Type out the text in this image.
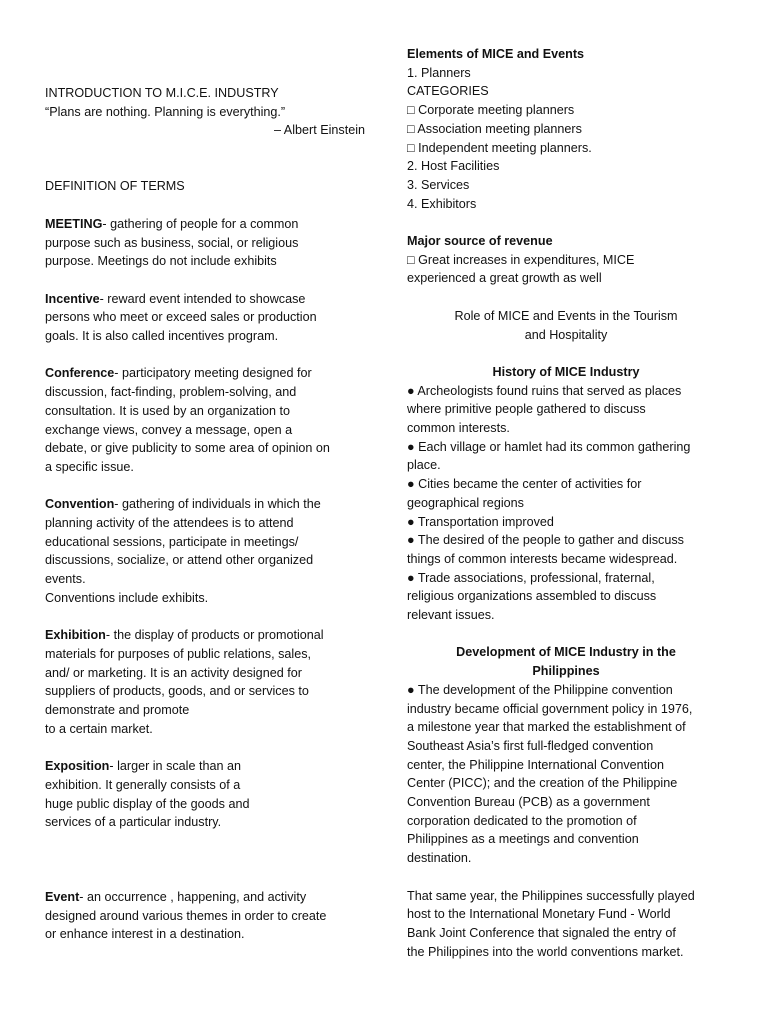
INTRODUCTION TO M.I.C.E. INDUSTRY
“Plans are nothing. Planning is everything.”
– Albert Einstein
DEFINITION OF TERMS
MEETING- gathering of people for a common
purpose such as business, social, or religious
purpose. Meetings do not include exhibits
Incentive- reward event intended to showcase
persons who meet or exceed sales or production
goals. It is also called incentives program.
Conference- participatory meeting designed for
discussion, fact-finding, problem-solving, and
consultation. It is used by an organization to
exchange views, convey a message, open a
debate, or give publicity to some area of opinion on
a specific issue.
Convention- gathering of individuals in which the
planning activity of the attendees is to attend
educational sessions, participate in meetings/
discussions, socialize, or attend other organized
events.
Conventions include exhibits.
Exhibition- the display of products or promotional
materials for purposes of public relations, sales,
and/ or marketing. It is an activity designed for
suppliers of products, goods, and or services to
demonstrate and promote
to a certain market.
Exposition- larger in scale than an
exhibition. It generally consists of a
huge public display of the goods and
services of a particular industry.
Event- an occurrence , happening, and activity
designed around various themes in order to create
or enhance interest in a destination.
Elements of MICE and Events
1. Planners
CATEGORIES
□ Corporate meeting planners
□ Association meeting planners
□ Independent meeting planners.
2. Host Facilities
3. Services
4. Exhibitors
Major source of revenue
□ Great increases in expenditures, MICE
experienced a great growth as well
Role of MICE and Events in the Tourism
and Hospitality
History of MICE Industry
● Archeologists found ruins that served as places
where primitive people gathered to discuss
common interests.
● Each village or hamlet had its common gathering
place.
● Cities became the center of activities for
geographical regions
● Transportation improved
● The desired of the people to gather and discuss
things of common interests became widespread.
● Trade associations, professional, fraternal,
religious organizations assembled to discuss
relevant issues.
Development of MICE Industry in the
Philippines
● The development of the Philippine convention
industry became official government policy in 1976,
a milestone year that marked the establishment of
Southeast Asia’s first full-fledged convention
center, the Philippine International Convention
Center (PICC); and the creation of the Philippine
Convention Bureau (PCB) as a government
corporation dedicated to the promotion of
Philippines as a meetings and convention
destination.
That same year, the Philippines successfully played
host to the International Monetary Fund - World
Bank Joint Conference that signaled the entry of
the Philippines into the world conventions market.
